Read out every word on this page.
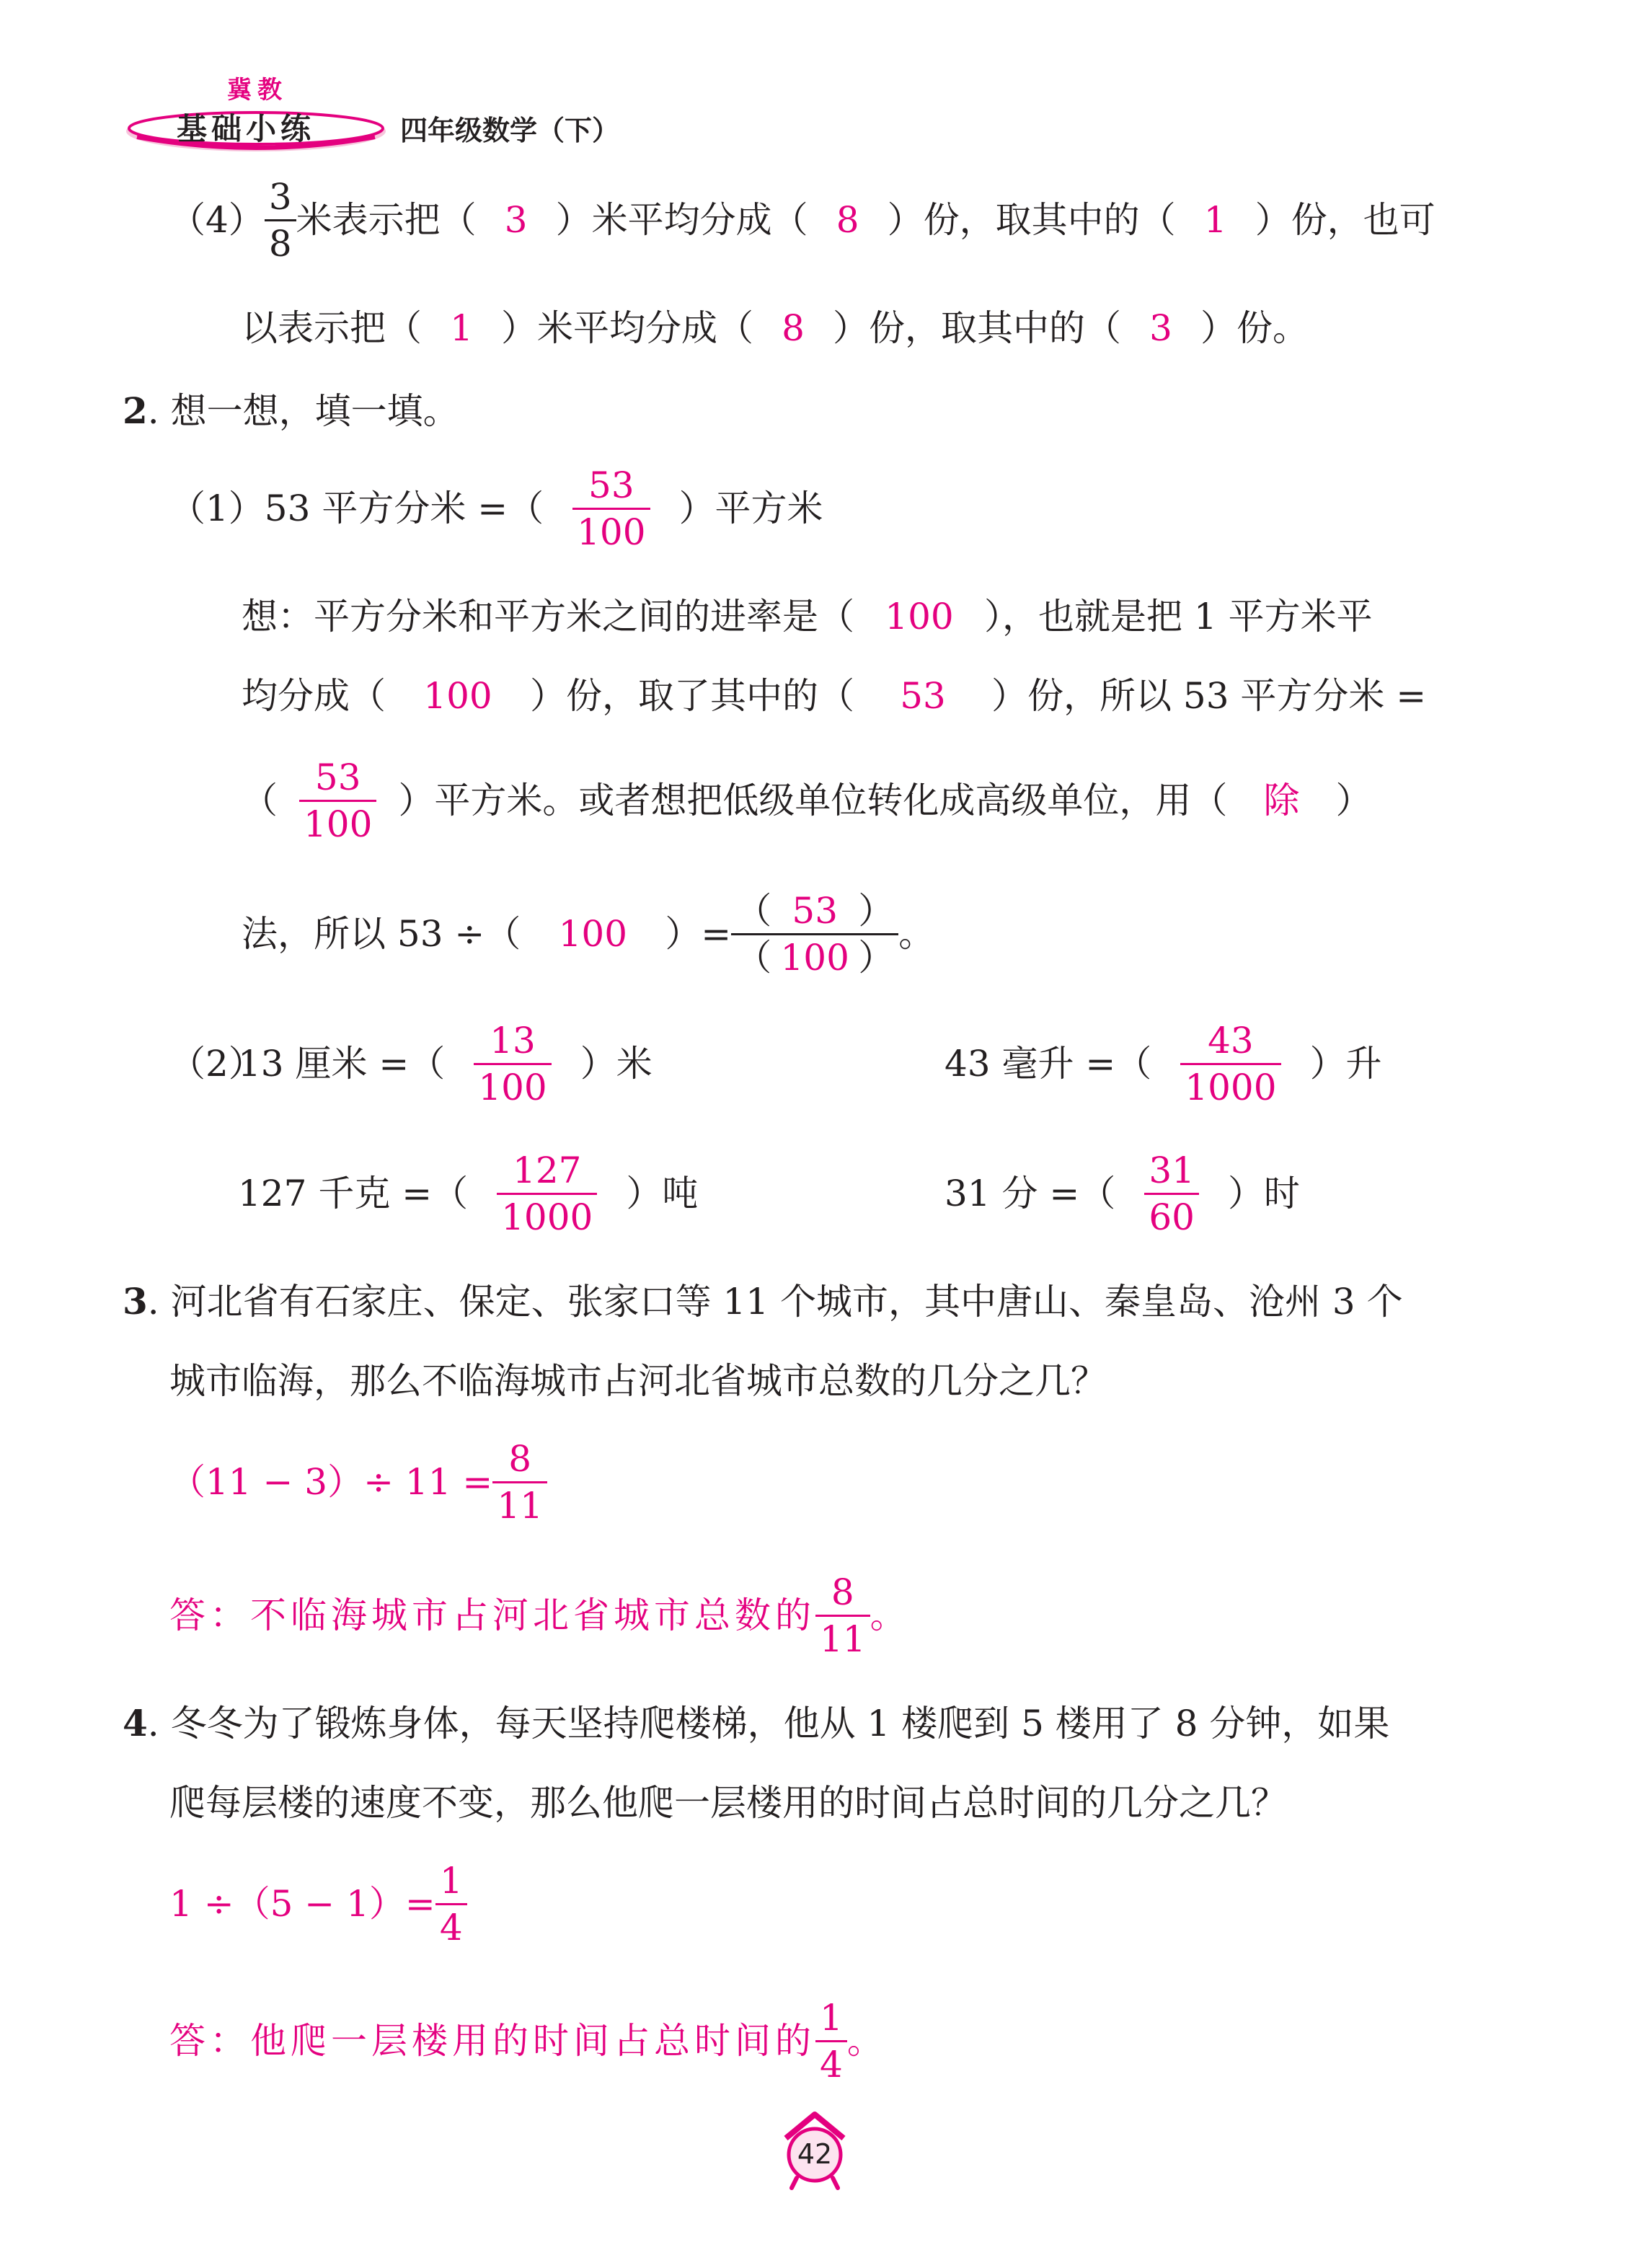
冀教
基础小练	四年级数学（下）
$(4) \frac{3}{8}$ 米表示把（ 3 ）米平均分成（ 8 ）份，取其中的（ 1 ）份，也可
以表示把（ 1 ）米平均分成（ 8 ）份，取其中的（ 3 ）份。
2 . 想一想，填一填。
（1）53 平方分米 =（ $\frac{53}{100}$ ）平方米
想：平方分米和平方米之间的进率是（ 100 ），也就是把 1 平方米平
均分成（	100	）份，取了其中的（	53	）份，所以 53 平方分米 =
（ $\frac{53}{100}$ ）平方米。或者想把低级单位转化成高级单位，用（	除	）
法，所以 53 ÷（	100	）= $\frac{( 53 )}{( 100 )}$ 。
（2）
13 厘米 =（ $\frac{13}{100}$ ）米	43 毫升 =（ $\frac{43}{1000}$ ）升
127 千克 =（ $\frac{127}{1000}$ ）吨	31 分 =（ $\frac{31}{60}$ ）时
3 . 河北省有石家庄、保定、张家口等 11 个城市，其中唐山、秦皇岛、沧州 3 个
城市临海，那么不临海城市占河北省城市总数的几分之几？
$(11 - 3)\div 11 = \frac{8}{11}$
答：不临海城市占河北省城市总数的 $\frac{8}{11}$ 。
4 . 冬冬为了锻炼身体，每天坚持爬楼梯，他从 1 楼爬到 5 楼用了 8 分钟，如果
爬每层楼的速度不变，那么他爬一层楼用的时间占总时间的几分之几？
$1 \div(5 - 1)= \frac{1}{4}$
答：他爬一层楼用的时间占总时间的 $\frac{1}{4}$ 。
42
